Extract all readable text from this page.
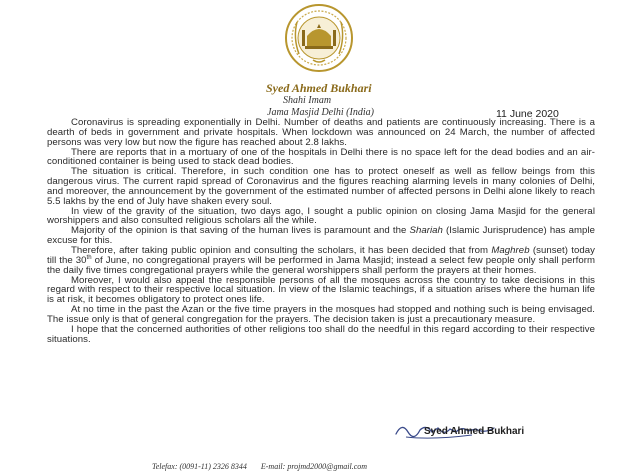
Syed Ahmed Bukhari
Shahi Imam
Jama Masjid Delhi (India)	11 June 2020

Coronavirus is spreading exponentially in Delhi. Number of deaths and patients are continuously increasing. There is a dearth of beds in government and private hospitals. When lockdown was announced on 24 March, the number of affected persons was very low but now the figure has reached about 2.8 lakhs.

There are reports that in a mortuary of one of the hospitals in Delhi there is no space left for the dead bodies and an air-conditioned container is being used to stack dead bodies.

The situation is critical. Therefore, in such condition one has to protect oneself as well as fellow beings from this dangerous virus. The current rapid spread of Coronavirus and the figures reaching alarming levels in many colonies of Delhi, and moreover, the announcement by the government of the estimated number of affected persons in Delhi alone likely to reach 5.5 lakhs by the end of July have shaken every soul.

In view of the gravity of the situation, two days ago, I sought a public opinion on closing Jama Masjid for the general worshippers and also consulted religious scholars all the while.

Majority of the opinion is that saving of the human lives is paramount and the Shariah (Islamic Jurisprudence) has ample excuse for this.

Therefore, after taking public opinion and consulting the scholars, it has been decided that from Maghreb (sunset) today till the 30th of June, no congregational prayers will be performed in Jama Masjid; instead a select few people only shall perform the daily five times congregational prayers while the general worshippers shall perform the prayers at their homes.

Moreover, I would also appeal the responsible persons of all the mosques across the country to take decisions in this regard with respect to their respective local situation. In view of the Islamic teachings, if a situation arises where the human life is at risk, it becomes obligatory to protect ones life.

At no time in the past the Azan or the five time prayers in the mosques had stopped and nothing such is being envisaged. The issue only is that of general congregation for the prayers. The decision taken is just a precautionary measure.

I hope that the concerned authorities of other religions too shall do the needful in this regard according to their respective situations.

Syed Ahmed Bukhari
Telefax: (0091-11) 2326 8344 E-mail: projmd2000@gmail.com
